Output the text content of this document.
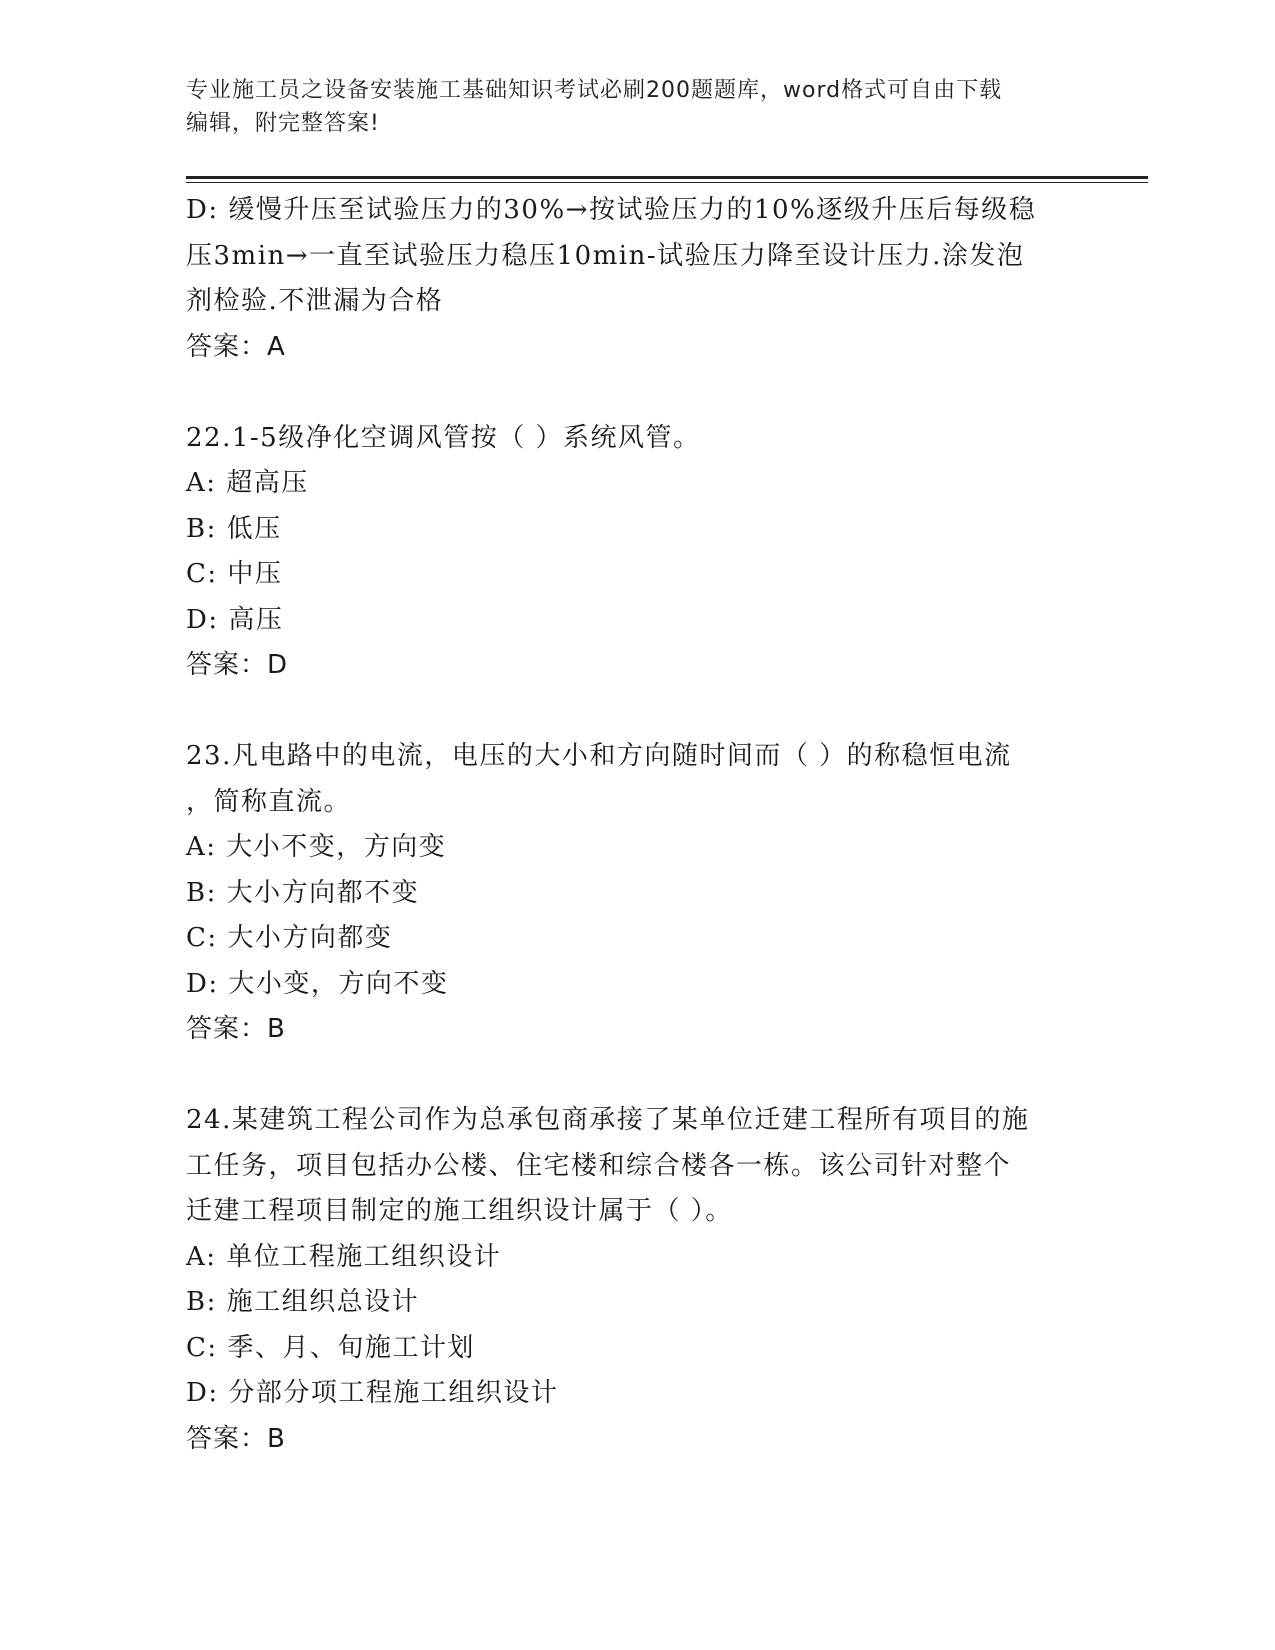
专业施工员之设备安装施工基础知识考试必刷200题题库，word格式可自由下载
编辑，附完整答案!
D: 缓慢升压至试验压力的30%→按试验压力的10%逐级升压后每级稳
压3min→一直至试验压力稳压10min-试验压力降至设计压力.涂发泡
剂检验.不泄漏为合格
答案：A
22.1-5级净化空调风管按（ ）系统风管。
A: 超高压
B: 低压
C: 中压
D: 高压
答案：D
23.凡电路中的电流，电压的大小和方向随时间而（ ）的称稳恒电流
，简称直流。
A: 大小不变，方向变
B: 大小方向都不变
C: 大小方向都变
D: 大小变，方向不变
答案：B
24.某建筑工程公司作为总承包商承接了某单位迁建工程所有项目的施
工任务，项目包括办公楼、住宅楼和综合楼各一栋。该公司针对整个
迁建工程项目制定的施工组织设计属于（ ）。
A: 单位工程施工组织设计
B: 施工组织总设计
C: 季、月、旬施工计划
D: 分部分项工程施工组织设计
答案：B
